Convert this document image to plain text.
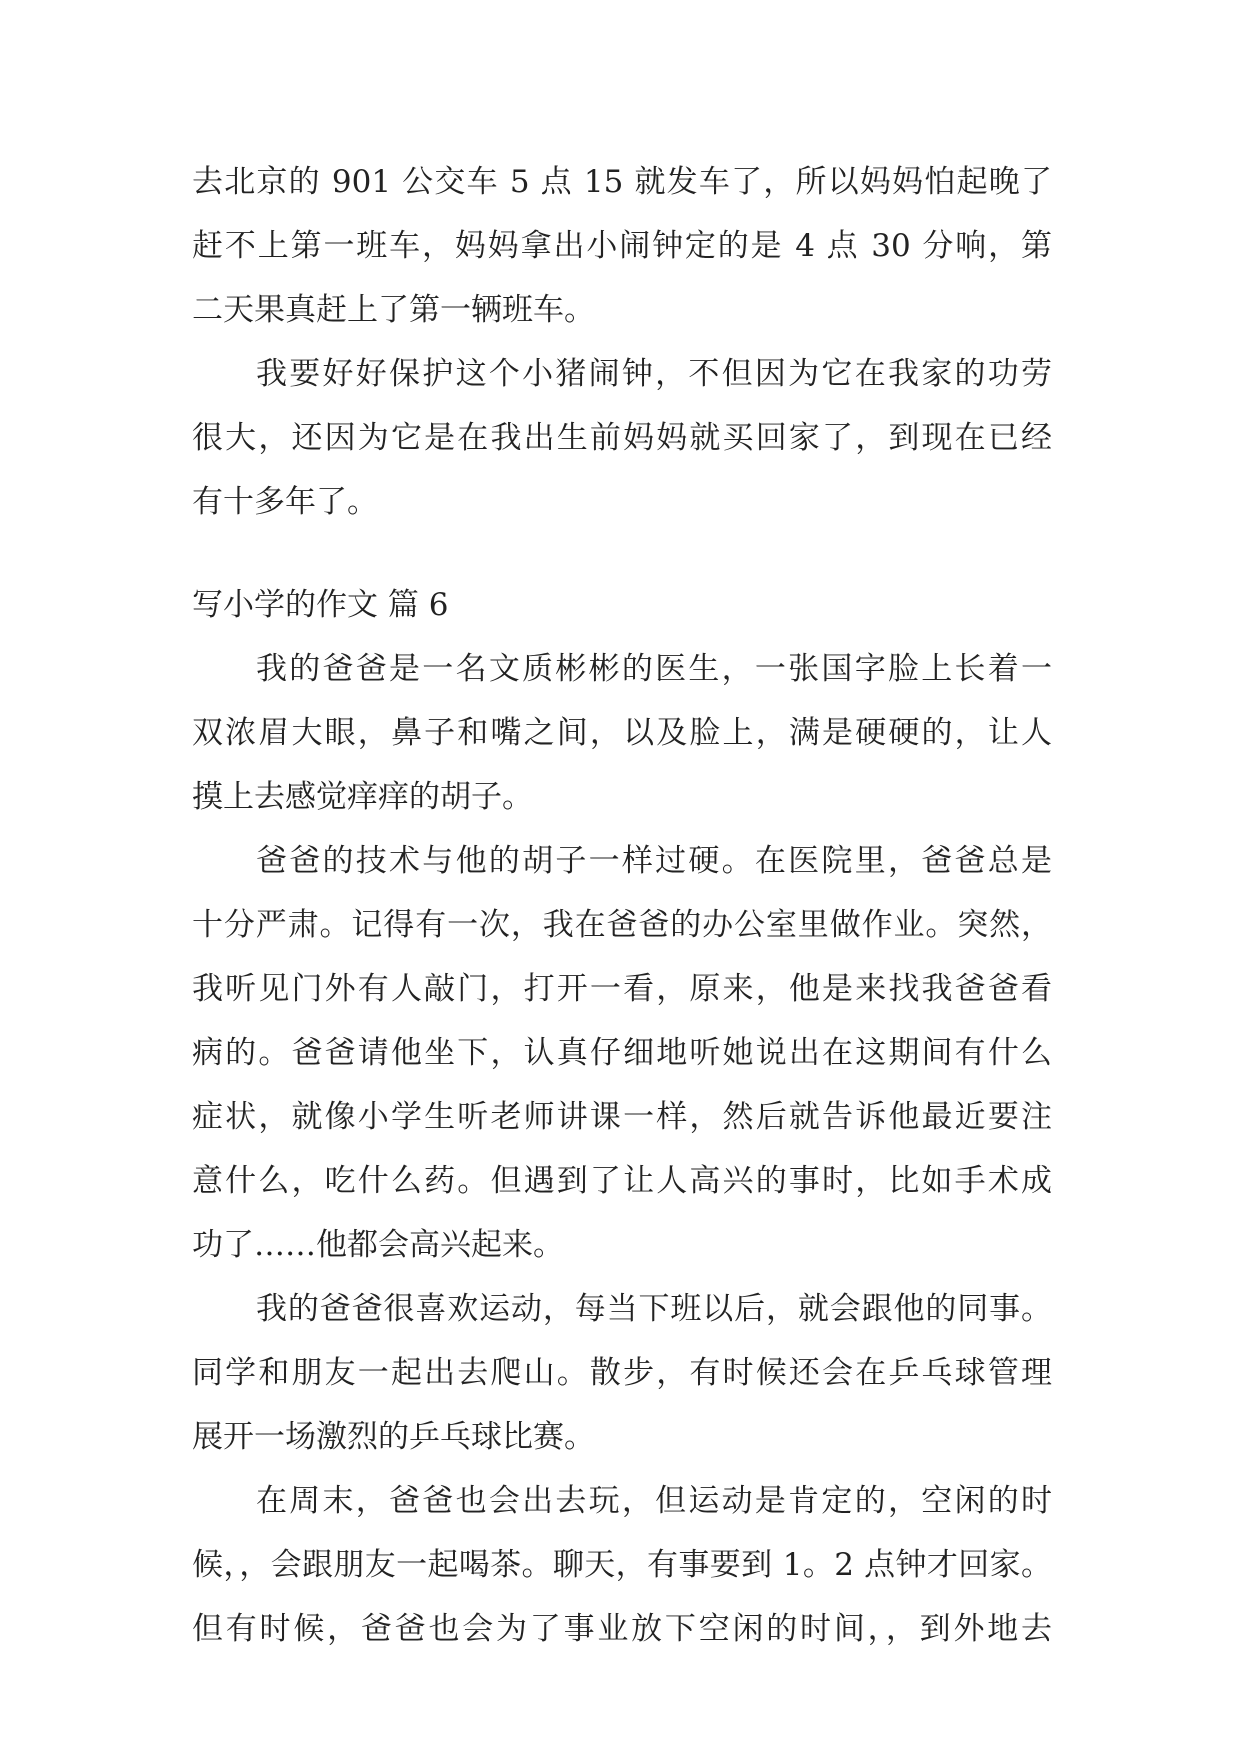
去北京的 901 公交车 5 点 15 就发车了，所以妈妈怕起晚了
赶不上第一班车，妈妈拿出小闹钟定的是 4 点 30 分响，第
二天果真赶上了第一辆班车。
我要好好保护这个小猪闹钟，不但因为它在我家的功劳
很大，还因为它是在我出生前妈妈就买回家了，到现在已经
有十多年了。
写小学的作文 篇 6
我的爸爸是一名文质彬彬的医生，一张国字脸上长着一
双浓眉大眼，鼻子和嘴之间，以及脸上，满是硬硬的，让人
摸上去感觉痒痒的胡子。
爸爸的技术与他的胡子一样过硬。在医院里，爸爸总是
十分严肃。记得有一次，我在爸爸的办公室里做作业。突然，
我听见门外有人敲门，打开一看，原来，他是来找我爸爸看
病的。爸爸请他坐下，认真仔细地听她说出在这期间有什么
症状，就像小学生听老师讲课一样，然后就告诉他最近要注
意什么，吃什么药。但遇到了让人高兴的事时，比如手术成
功了……他都会高兴起来。
我的爸爸很喜欢运动，每当下班以后，就会跟他的同事。
同学和朋友一起出去爬山。散步，有时候还会在乒乓球管理
展开一场激烈的乒乓球比赛。
在周末，爸爸也会出去玩，但运动是肯定的，空闲的时
候，，会跟朋友一起喝茶。聊天，有事要到 1。2 点钟才回家。
但有时候，爸爸也会为了事业放下空闲的时间，，到外地去
